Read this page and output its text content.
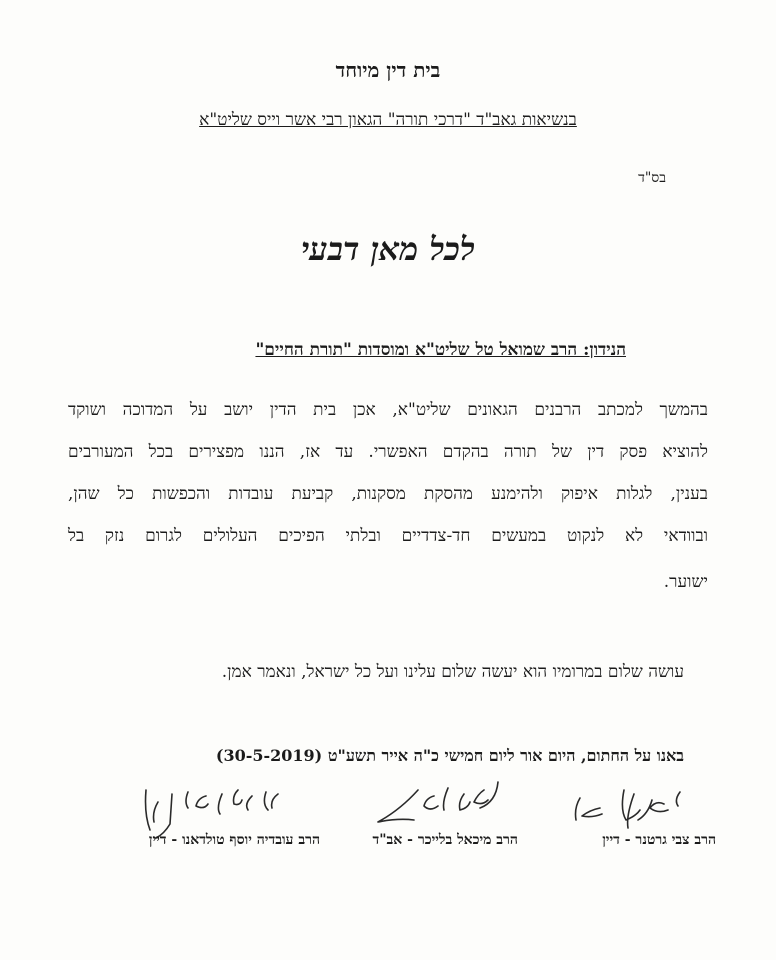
בית דין מיוחד
בנשיאות גאב"ד "דרכי תורה" הגאון רבי אשר וייס שליט"א
בס"ד
לכל מאן דבעי
הנידון: הרב שמואל טל שליט"א ומוסדות "תורת החיים"
בהמשך למכתב הרבנים הגאונים שליט"א, אכן בית הדין יושב על המדוכה ושוקד
להוציא פסק דין של תורה בהקדם האפשרי. עד אז, הננו מפצירים בכל המעורבים
בענין, לגלות איפוק ולהימנע מהסקת מסקנות, קביעת עובדות והכפשות כל שהן,
ובוודאי לא לנקוט במעשים חד-צדדיים ובלתי הפיכים העלולים לגרום נזק בל
ישוער.
עושה שלום במרומיו הוא יעשה שלום עלינו ועל כל ישראל, ונאמר אמן.
באנו על החתום, היום אור ליום חמישי כ"ה אייר תשע"ט (30-5-2019)
הרב צבי גרטנר - דיין
הרב מיכאל בלייכר - אב"ד
הרב עובדיה יוסף טולדאנו - דיין
